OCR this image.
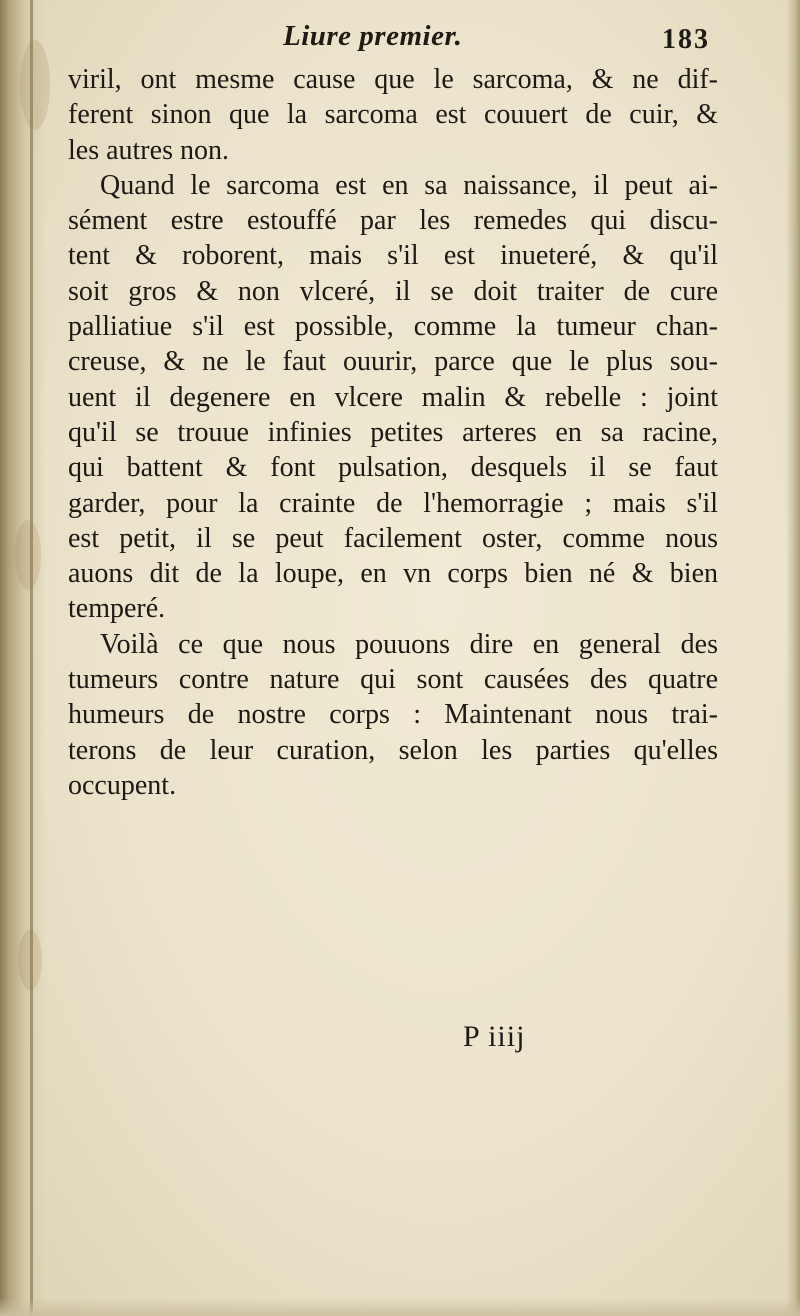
Liure premier.	183
viril, ont mesme cause que le sarcoma, & ne dif-
ferent sinon que la sarcoma est couuert de cuir, &
les autres non.
Quand le sarcoma est en sa naissance, il peut ai-
sément estre estouffé par les remedes qui discu-
tent & roborent, mais s'il est inueteré, & qu'il
soit gros & non vlceré, il se doit traiter de cure
palliatiue s'il est possible, comme la tumeur chan-
creuse, & ne le faut ouurir, parce que le plus sou-
uent il degenere en vlcere malin & rebelle : joint
qu'il se trouue infinies petites arteres en sa racine,
qui battent & font pulsation, desquels il se faut
garder, pour la crainte de l'hemorragie ; mais s'il
est petit, il se peut facilement oster, comme nous
auons dit de la loupe, en vn corps bien né & bien
temperé.
Voilà ce que nous pouuons dire en general des
tumeurs contre nature qui sont causées des quatre
humeurs de nostre corps : Maintenant nous trai-
terons de leur curation, selon les parties qu'elles
occupent.
P iiij
